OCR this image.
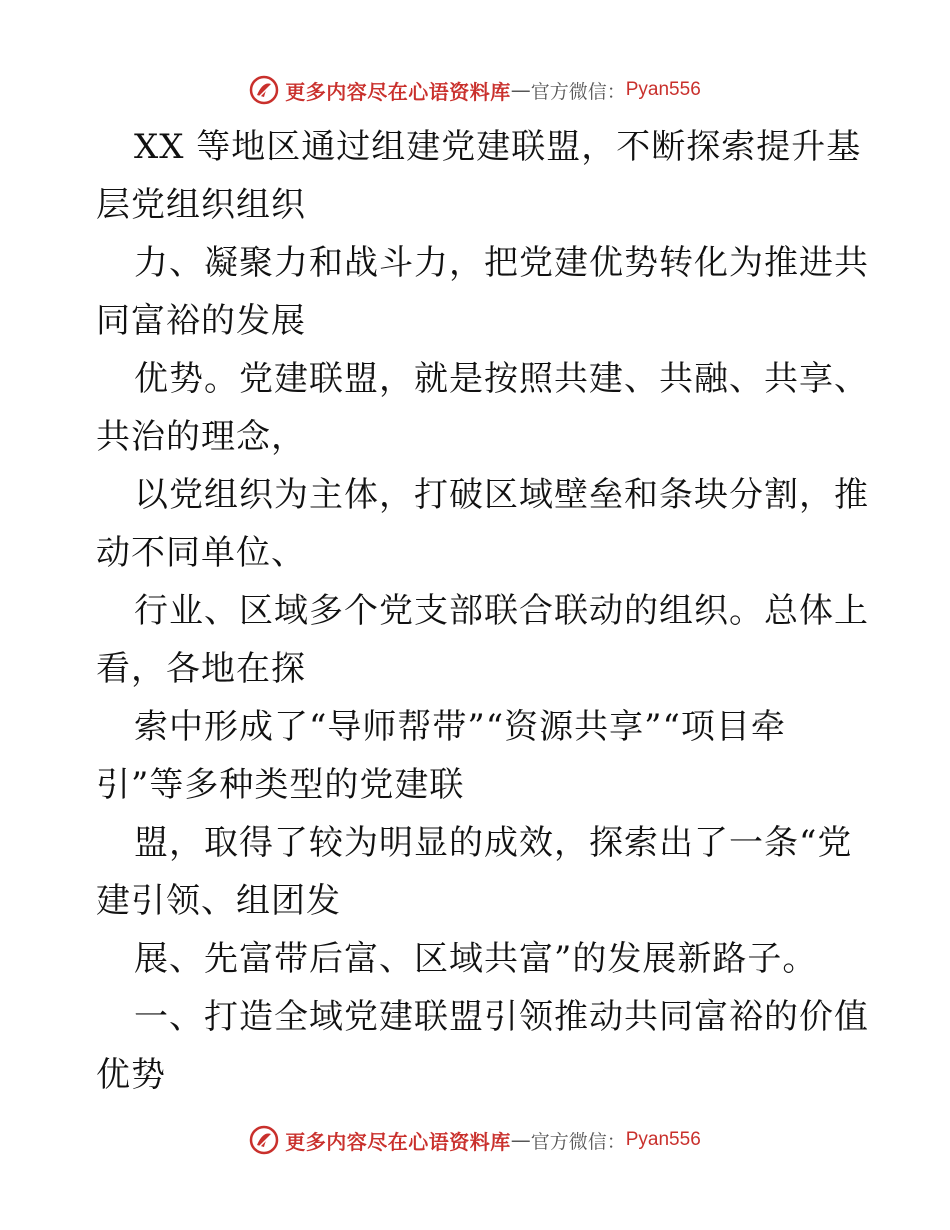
更多内容尽在心语资料库 — 官方微信： Pyan556
XX 等地区通过组建党建联盟，不断探索提升基
层党组织组织
力、凝聚力和战斗力，把党建优势转化为推进共
同富裕的发展
优势。党建联盟，就是按照共建、共融、共享、
共治的理念，
以党组织为主体，打破区域壁垒和条块分割，推
动不同单位、
行业、区域多个党支部联合联动的组织。总体上
看，各地在探
索中形成了“导师帮带”“资源共享”“项目牵
引”等多种类型的党建联
盟，取得了较为明显的成效，探索出了一条“党
建引领、组团发
展、先富带后富、区域共富”的发展新路子。
一、打造全域党建联盟引领推动共同富裕的价值
优势
更多内容尽在心语资料库 — 官方微信： Pyan556
